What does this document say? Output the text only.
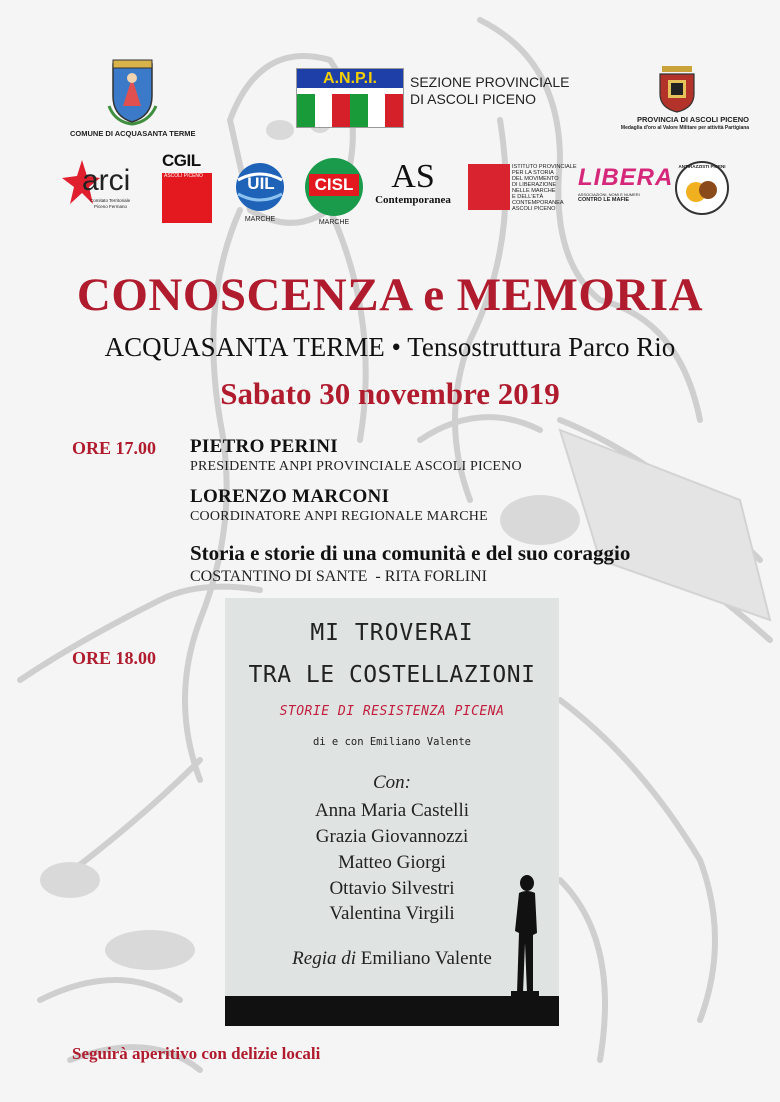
COMUNE DI ACQUASANTA TERME
A.N.P.I.	SEZIONE PROVINCIALE
DI ASCOLI PICENO
PROVINCIA DI ASCOLI PICENO
Medaglia d'oro al Valore Militare per attività Partigiana
arci
Comitato Territoriale
Piceno Fermano
CGIL
ASCOLI PICENO	UIL
MARCHE
CISL
MARCHE
AS
Contemporanea
ISTITUTO PROVINCIALE
PER LA STORIA
DEL MOVIMENTO
DI LIBERAZIONE
NELLE MARCHE
E DELL'ETÀ
CONTEMPORANEA
ASCOLI PICENO
LIBERA
ASSOCIAZIONI, NOMI E NUMERI
CONTRO LE MAFIE
ANTIRAZZISTI PICENI
CONOSCENZA e MEMORIA
ACQUASANTA TERME • Tensostruttura Parco Rio
Sabato 30 novembre 2019
ORE 17.00 PIETRO PERINI
PRESIDENTE ANPI PROVINCIALE ASCOLI PICENO
LORENZO MARCONI
COORDINATORE ANPI REGIONALE MARCHE
Storia e storie di una comunità e del suo coraggio
COSTANTINO DI SANTE  - RITA FORLINI
ORE 18.00
MI TROVERAI
TRA LE COSTELLAZIONI
STORIE DI RESISTENZA PICENA
di e con Emiliano Valente
Con:
Anna Maria Castelli
Grazia Giovannozzi
Matteo Giorgi
Ottavio Silvestri
Valentina Virgili
Regia di Emiliano Valente
Seguirà aperitivo con delizie locali
